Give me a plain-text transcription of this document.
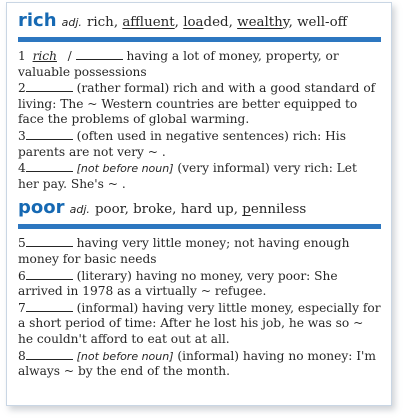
rich adj. rich, affluent, loaded, wealthy, well-off

1 rich /	having a lot of money, property, or valuable possessions

2	(rather formal) rich and with a good standard of living: The ~ Western countries are better equipped to face the problems of global warming.

3	(often used in negative sentences) rich: His parents are not very ~ .

4	[not before noun] (very informal) very rich: Let her pay. She's ~ .

poor adj. poor, broke, hard up, penniless

5	having very little money; not having enough money for basic needs

6	(literary) having no money, very poor: She arrived in 1978 as a virtually ~ refugee.

7	(informal) having very little money, especially for a short period of time: After he lost his job, he was so ~ he couldn't afford to eat out at all.

8	[not before noun] (informal) having no money: I'm always ~ by the end of the month.
